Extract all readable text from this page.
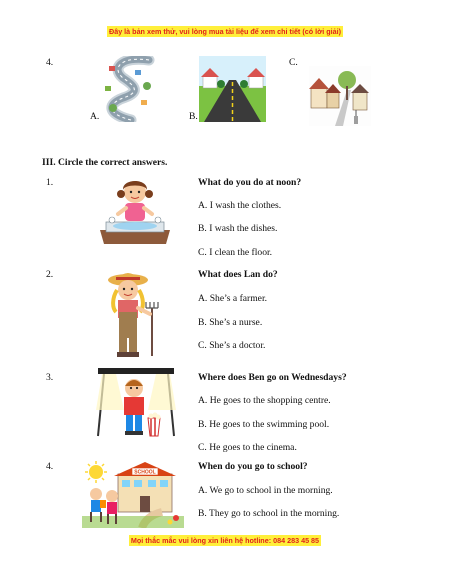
Đây là bản xem thử, vui lòng mua tài liệu để xem chi tiết (có lời giải)
Mọi thắc mắc vui lòng xin liên hệ hotline: 084 283 45 85
4.
A.	B.
C.
III. Circle the correct answers.
1.	What do you do at noon?
A. I wash the clothes.
B. I wash the dishes.
C. I clean the floor.
2.	What does Lan do?
A. She’s a farmer.
B. She’s a nurse.
C. She’s a doctor.
3.	Where does Ben go on Wednesdays?
A. He goes to the shopping centre.
B. He goes to the swimming pool.
C. He goes to the cinema.
4.	When do you go to school?
A. We go to school in the morning.
B. They go to school in the morning.
SCHOOL
